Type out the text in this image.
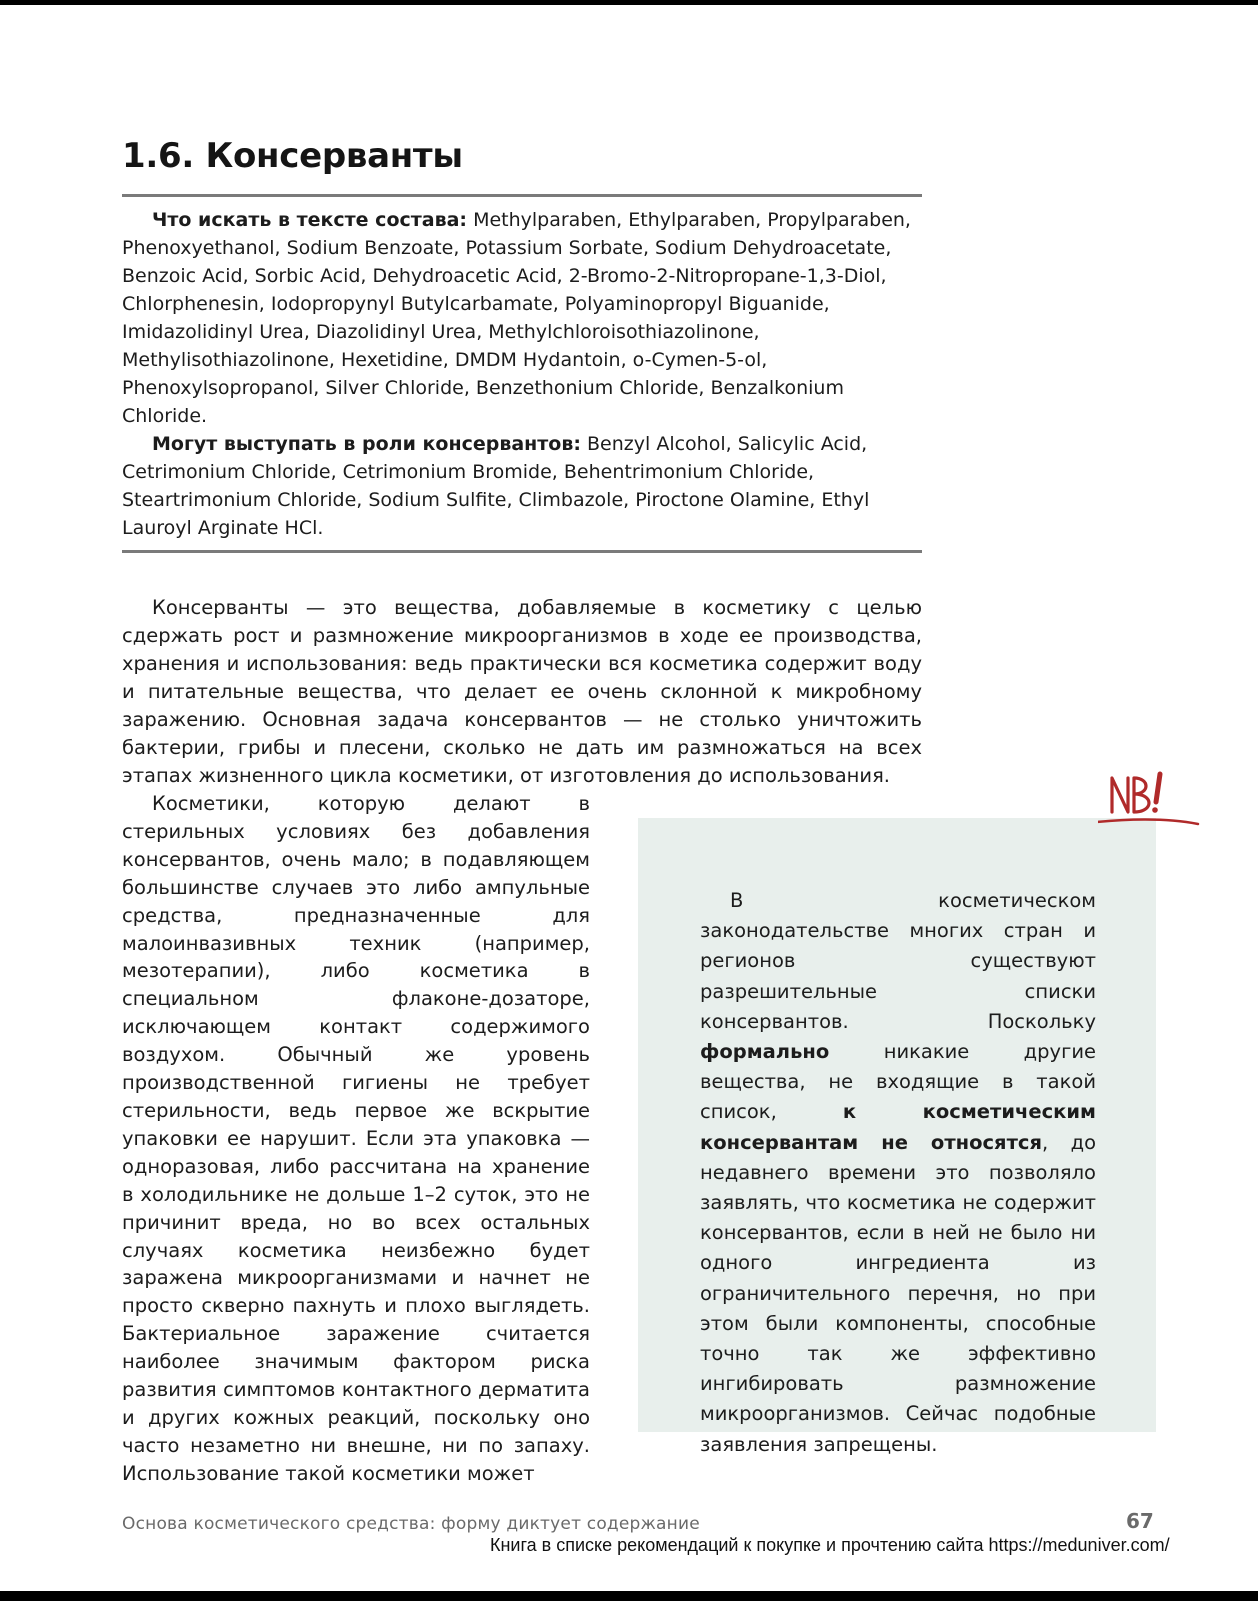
1.6. Консерванты

Что искать в тексте состава: Methylparaben, Ethylparaben, Propylparaben, Phenoxyethanol, Sodium Benzoate, Potassium Sorbate, Sodium Dehydroacetate, Benzoic Acid, Sorbic Acid, Dehydroacetic Acid, 2-Bromo-2-Nitropropane-1,3-Diol, Chlorphenesin, Iodopropynyl Butylcarbamate, Polyaminopropyl Biguanide, Imidazolidinyl Urea, Diazolidinyl Urea, Methylchloroisothiazolinone, Methylisothiazolinone, Hexetidine, DMDM Hydantoin, o-Cymen-5-ol, Phenoxylsopropanol, Silver Chloride, Benzethonium Chloride, Benzalkonium Chloride.

Могут выступать в роли консервантов: Benzyl Alcohol, Salicylic Acid, Cetrimonium Chloride, Cetrimonium Bromide, Behentrimonium Chloride, Steartrimonium Chloride, Sodium Sulfite, Climbazole, Piroctone Olamine, Ethyl Lauroyl Arginate HCl.

Консерванты — это вещества, добавляемые в косметику с целью сдержать рост и размножение микроорганизмов в ходе ее производства, хранения и использования: ведь практически вся косметика содержит воду и питательные вещества, что делает ее очень склонной к микробному заражению. Основная задача консервантов — не столько уничтожить бактерии, грибы и плесени, сколько не дать им размножаться на всех этапах жизненного цикла косметики, от изготовления до использования.

Косметики, которую делают в стерильных условиях без добавления консервантов, очень мало; в подавляющем большинстве случаев это либо ампульные средства, предназначенные для малоинвазивных техник (например, мезотерапии), либо косметика в специальном флаконе-дозаторе, исключающем контакт содержимого воздухом. Обычный же уровень производственной гигиены не требует стерильности, ведь первое же вскрытие упаковки ее нарушит. Если эта упаковка — одноразовая, либо рассчитана на хранение в холодильнике не дольше 1–2 суток, это не причинит вреда, но во всех остальных случаях косметика неизбежно будет заражена микроорганизмами и начнет не просто скверно пахнуть и плохо выглядеть. Бактериальное заражение считается наиболее значимым фактором риска развития симптомов контактного дерматита и других кожных реакций, поскольку оно часто незаметно ни внешне, ни по запаху. Использование такой косметики может

В косметическом законодательстве многих стран и регионов существуют разрешительные списки консервантов. Поскольку формально никакие другие вещества, не входящие в такой список, к косметическим консервантам не относятся, до недавнего времени это позволяло заявлять, что косметика не содержит консервантов, если в ней не было ни одного ингредиента из ограничительного перечня, но при этом были компоненты, способные точно так же эффективно ингибировать размножение микроорганизмов. Сейчас подобные заявления запрещены.

Основа косметического средства: форму диктует содержание	67
Книга в списке рекомендаций к покупке и прочтению сайта https://meduniver.com/
